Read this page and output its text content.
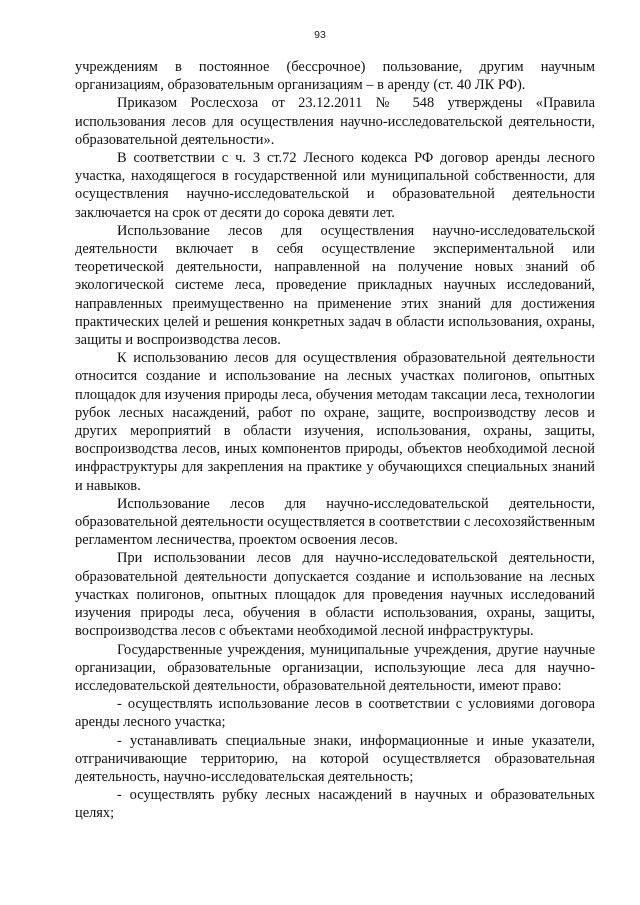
93

учреждениям в постоянное (бессрочное) пользование, другим научным организациям, образовательным организациям – в аренду (ст. 40 ЛК РФ).

Приказом Рослесхоза от 23.12.2011 № 548 утверждены «Правила использования лесов для осуществления научно-исследовательской деятельности, образовательной деятельности».

В соответствии с ч. 3 ст.72 Лесного кодекса РФ договор аренды лесного участка, находящегося в государственной или муниципальной собственности, для осуществления научно-исследовательской и образовательной деятельности заключается на срок от десяти до сорока девяти лет.

Использование лесов для осуществления научно-исследовательской деятельности включает в себя осуществление экспериментальной или теоретической деятельности, направленной на получение новых знаний об экологической системе леса, проведение прикладных научных исследований, направленных преимущественно на применение этих знаний для достижения практических целей и решения конкретных задач в области использования, охраны, защиты и воспроизводства лесов.

К использованию лесов для осуществления образовательной деятельности относится создание и использование на лесных участках полигонов, опытных площадок для изучения природы леса, обучения методам таксации леса, технологии рубок лесных насаждений, работ по охране, защите, воспроизводству лесов и других мероприятий в области изучения, использования, охраны, защиты, воспроизводства лесов, иных компонентов природы, объектов необходимой лесной инфраструктуры для закрепления на практике у обучающихся специальных знаний и навыков.

Использование лесов для научно-исследовательской деятельности, образовательной деятельности осуществляется в соответствии с лесохозяйственным регламентом лесничества, проектом освоения лесов.

При использовании лесов для научно-исследовательской деятельности, образовательной деятельности допускается создание и использование на лесных участках полигонов, опытных площадок для проведения научных исследований изучения природы леса, обучения в области использования, охраны, защиты, воспроизводства лесов с объектами необходимой лесной инфраструктуры.

Государственные учреждения, муниципальные учреждения, другие научные организации, образовательные организации, использующие леса для научно-исследовательской деятельности, образовательной деятельности, имеют право:

- осуществлять использование лесов в соответствии с условиями договора аренды лесного участка;

- устанавливать специальные знаки, информационные и иные указатели, отграничивающие территорию, на которой осуществляется образовательная деятельность, научно-исследовательская деятельность;

- осуществлять рубку лесных насаждений в научных и образовательных целях;
